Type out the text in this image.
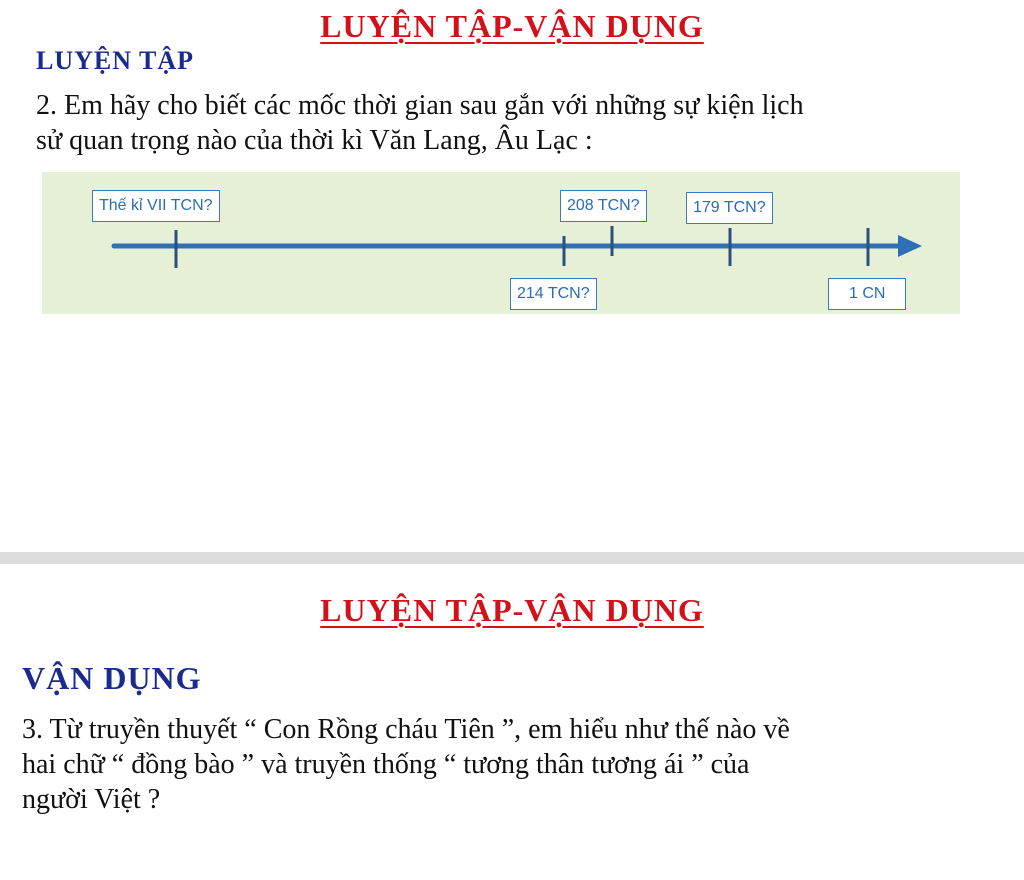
LUYỆN TẬP-VẬN DỤNG
LUYỆN TẬP
2. Em hãy cho biết các mốc thời gian sau gắn với những sự kiện lịch
sử quan trọng nào của thời kì Văn Lang, Âu Lạc :
Thế kỉ VII TCN?	208 TCN?	179 TCN?
214 TCN?	1 CN
LUYỆN TẬP-VẬN DỤNG
VẬN DỤNG
3. Từ truyền thuyết “ Con Rồng cháu Tiên ”, em hiểu như thế nào về
hai chữ “ đồng bào ” và truyền thống “ tương thân tương ái ” của
người Việt ?
